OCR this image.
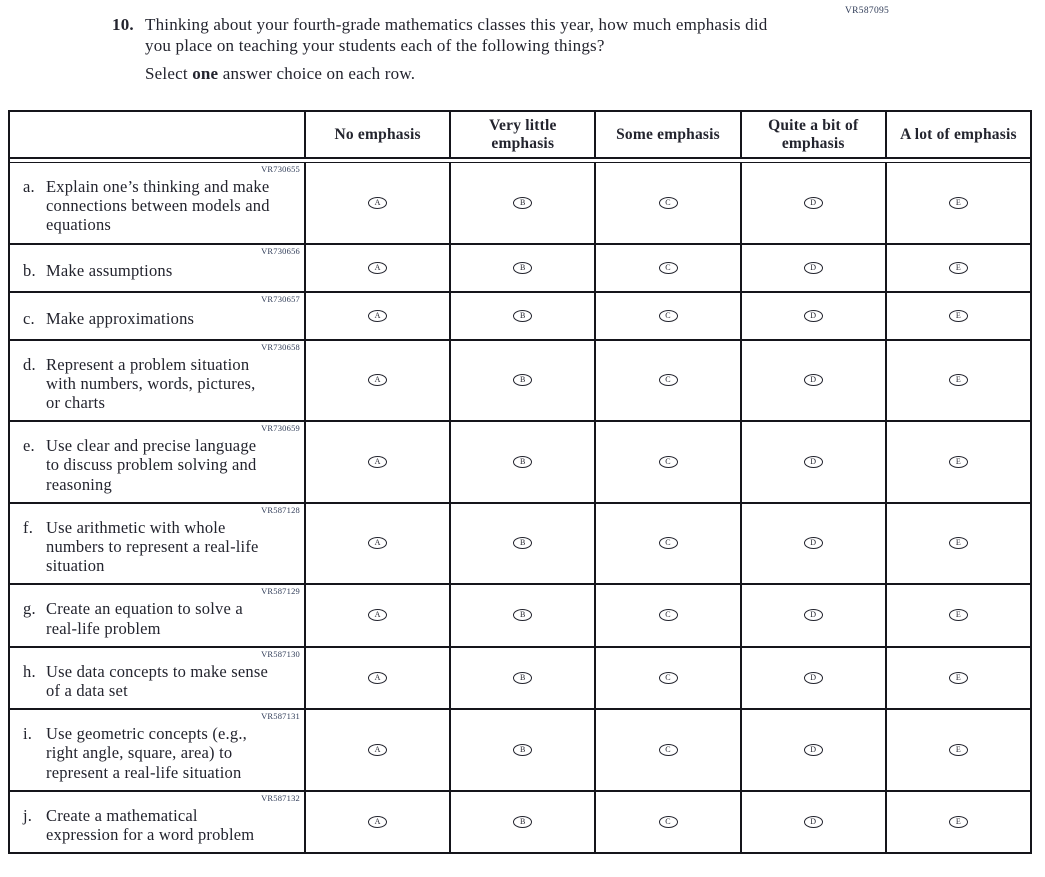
VR587095
10. Thinking about your fourth-grade mathematics classes this year, how much emphasis did you place on teaching your students each of the following things?
Select one answer choice on each row.
No emphasis
Very little emphasis
Some emphasis
Quite a bit of emphasis
A lot of emphasis
VR730655
a. Explain one’s thinking and make connections between models and equations
A	B	C	D	E
VR730656
b. Make assumptions	A	B	C	D	E
VR730657
c. Make approximations	A	B	C	D	E
VR730658
d. Represent a problem situation with numbers, words, pictures, or charts
A	B	C	D	E
VR730659
e. Use clear and precise language to discuss problem solving and reasoning
A	B	C	D	E
VR587128
f. Use arithmetic with whole numbers to represent a real-life situation
A	B	C	D	E
VR587129
g. Create an equation to solve a real-life problem
A	B	C	D	E
VR587130
h. Use data concepts to make sense of a data set
A	B	C	D	E
VR587131
i. Use geometric concepts (e.g., right angle, square, area) to represent a real-life situation
A	B	C	D	E
VR587132
j. Create a mathematical expression for a word problem
A	B	C	D	E
